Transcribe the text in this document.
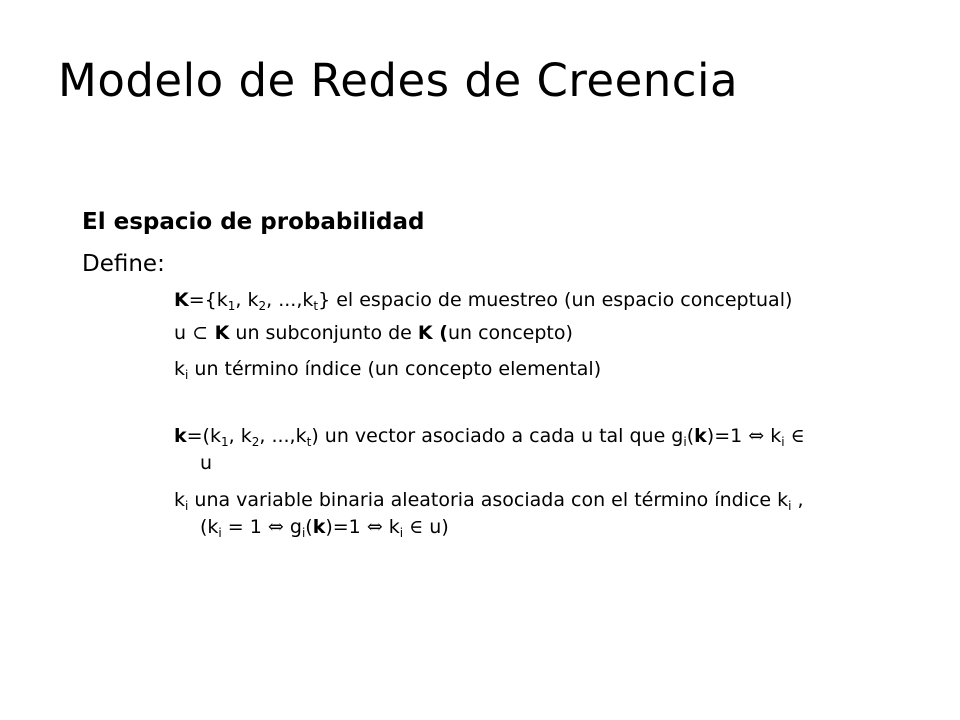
Modelo de Redes de Creencia
El espacio de probabilidad
Define:
$K=\{k_1$, $k_2$, $...,k_t$} el espacio de muestreo (un espacio conceptual)
u ⊂ K un subconjunto de K (un concepto)
$k_i$ un término índice (un concepto elemental)
$k=(k_1$, $k_2$, $...,k_t$) un vector asociado a cada u tal que $g_i(k)=1$ ⇔ $k_i$ ∈
u
$k_i$ una variable binaria aleatoria asociada con el término índice $k_i$ ,
($k_i = 1$ ⇔ $g_i(k)=1$ ⇔ $k_i$ ∈ u)
